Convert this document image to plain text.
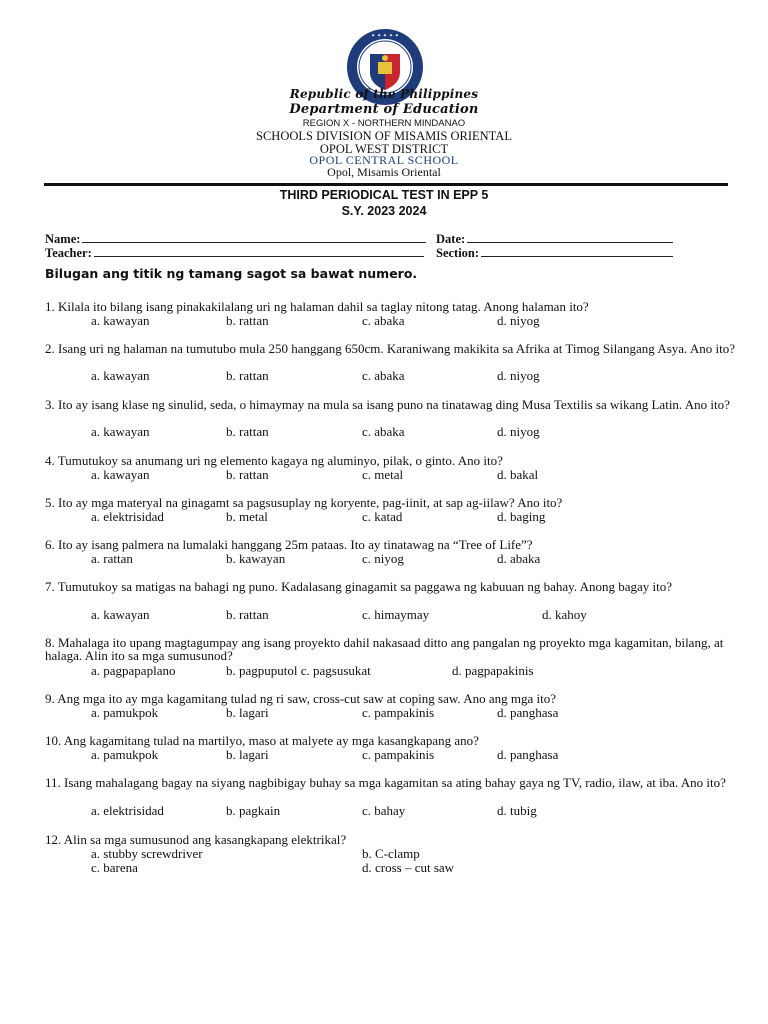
✦ ✦ ✦ ✦ ✦
Republic of the Philippines
Department of Education
REGION X - NORTHERN MINDANAO
SCHOOLS DIVISION OF MISAMIS ORIENTAL
OPOL WEST DISTRICT
OPOL CENTRAL SCHOOL
Opol, Misamis Oriental
THIRD PERIODICAL TEST IN EPP 5
S.Y. 2023 2024
Name:	Date:
Teacher:	Section:
Bilugan ang titik ng tamang sagot sa bawat numero.
1. Kilala ito bilang isang pinakakilalang uri ng halaman dahil sa taglay nitong tatag. Anong halaman ito?
a. kawayan	b. rattan	c. abaka	d. niyog
2. Isang uri ng halaman na tumutubo mula 250 hanggang 650cm. Karaniwang makikita sa Afrika at Timog Silangang Asya. Ano ito?
a. kawayan	b. rattan	c. abaka	d. niyog
3. Ito ay isang klase ng sinulid, seda, o himaymay na mula sa isang puno na tinatawag ding Musa Textilis sa wikang Latin. Ano ito?
a. kawayan	b. rattan	c. abaka	d. niyog
4. Tumutukoy sa anumang uri ng elemento kagaya ng aluminyo, pilak, o ginto. Ano ito?
a. kawayan	b. rattan	c. metal	d. bakal
5. Ito ay mga materyal na ginagamt sa pagsusuplay ng koryente, pag-iinit, at sap ag-iilaw? Ano ito?
a. elektrisidad	b. metal	c. katad	d. baging
6. Ito ay isang palmera na lumalaki hanggang 25m pataas. Ito ay tinatawag na “Tree of Life”?
a. rattan	b. kawayan	c. niyog	d. abaka
7. Tumutukoy sa matigas na bahagi ng puno. Kadalasang ginagamit sa paggawa ng kabuuan ng bahay. Anong bagay ito?
a. kawayan	b. rattan	c. himaymay	d. kahoy
8. Mahalaga ito upang magtagumpay ang isang proyekto dahil nakasaad ditto ang pangalan ng proyekto mga kagamitan, bilang, at halaga. Alin ito sa mga sumusunod?
a. pagpapaplano	b. pagpuputol c. pagsusukat	d. pagpapakinis
9. Ang mga ito ay mga kagamitang tulad ng ri saw, cross-cut saw at coping saw. Ano ang mga ito?
a. pamukpok	b. lagari	c. pampakinis	d. panghasa
10. Ang kagamitang tulad na martilyo, maso at malyete ay mga kasangkapang ano?
a. pamukpok	b. lagari	c. pampakinis	d. panghasa
11. Isang mahalagang bagay na siyang nagbibigay buhay sa mga kagamitan sa ating bahay gaya ng TV, radio, ilaw, at iba. Ano ito?
a. elektrisidad	b. pagkain	c. bahay	d. tubig
12. Alin sa mga sumusunod ang kasangkapang elektrikal?
a. stubby screwdriver	b. C-clamp
c. barena	d. cross – cut saw
